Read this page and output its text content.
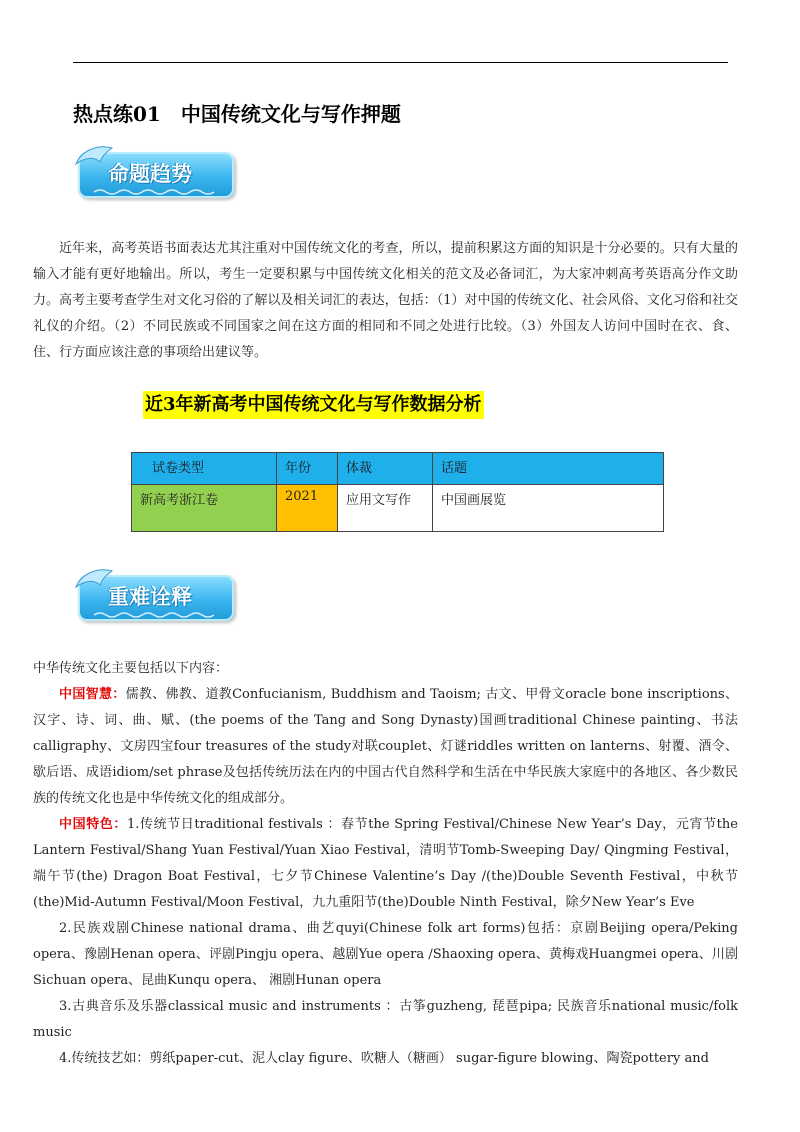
热点练01　中国传统文化与写作押题
命题趋势

近年来，高考英语书面表达尤其注重对中国传统文化的考查，所以，提前积累这方面的知识是十分必要的。只有大量的输入才能有更好地输出。所以，考生一定要积累与中国传统文化相关的范文及必备词汇，为大家冲刺高考英语高分作文助力。高考主要考查学生对文化习俗的了解以及相关词汇的表达，包括：（1）对中国的传统文化、社会风俗、文化习俗和社交礼仪的介绍。（2）不同民族或不同国家之间在这方面的相同和不同之处进行比较。（3）外国友人访问中国时在衣、食、住、行方面应该注意的事项给出建议等。

近3年新高考中国传统文化与写作数据分析
试卷类型	年份	体裁	话题
新高考浙江卷	2021	应用文写作	中国画展览
重难诠释

中华传统文化主要包括以下内容：

中国智慧：儒教、佛教、道教Confucianism, Buddhism and Taoism; 古文、甲骨文oracle bone inscriptions、汉字、诗、词、曲、赋、(the poems of the Tang and Song Dynasty)国画traditional Chinese painting、书法calligraphy、文房四宝four treasures of the study对联couplet、灯谜riddles written on lanterns、射覆、酒令、歇后语、成语idiom/set phrase及包括传统历法在内的中国古代自然科学和生活在中华民族大家庭中的各地区、各少数民族的传统文化也是中华传统文化的组成部分。

中国特色：1.传统节日traditional festivals ：春节the Spring Festival/Chinese New Year’s Day，元宵节the Lantern Festival/Shang Yuan Festival/Yuan Xiao Festival，清明节Tomb-Sweeping Day/ Qingming Festival，端午节(the) Dragon Boat Festival，七夕节Chinese Valentine’s Day /(the)Double Seventh Festival，中秋节(the)Mid-Autumn Festival/Moon Festival，九九重阳节(the)Double Ninth Festival，除夕New Year’s Eve

2.民族戏剧Chinese national drama、曲艺quyi(Chinese folk art forms)包括：京剧Beijing opera/Peking opera、豫剧Henan opera、评剧Pingju opera、越剧Yue opera /Shaoxing opera、黄梅戏Huangmei opera、川剧Sichuan opera、昆曲Kunqu opera、 湘剧Hunan opera

3.古典音乐及乐器classical music and instruments ：古筝guzheng, 琵琶pipa; 民族音乐national music/folk music

4.传统技艺如：剪纸paper-cut、泥人clay figure、吹糖人（糖画） sugar-figure blowing、陶瓷pottery and
